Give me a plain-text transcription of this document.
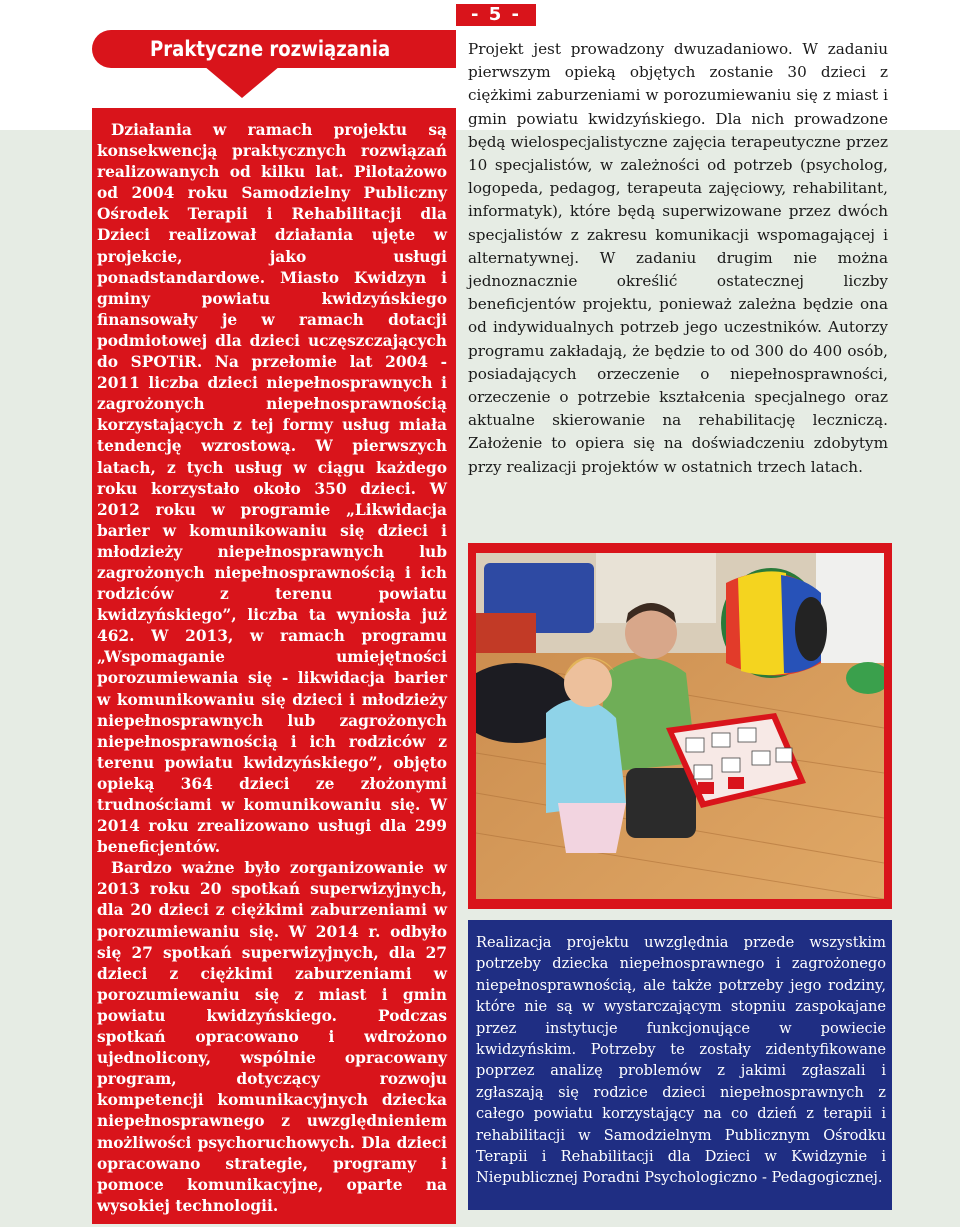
- 5 -
Praktyczne rozwiązania

Działania w ramach projektu są konsekwencją praktycznych rozwiązań realizowanych od kilku lat. Pilotażowo od 2004 roku Samodzielny Publiczny Ośrodek Terapii i Rehabilitacji dla Dzieci realizował działania ujęte w projekcie, jako usługi ponadstandardowe. Miasto Kwidzyn i gminy powiatu kwidzyńskiego finansowały je w ramach dotacji podmiotowej dla dzieci uczęszczających do SPOTiR. Na przełomie lat 2004 - 2011 liczba dzieci niepełnosprawnych i zagrożonych niepełnosprawnością korzystających z tej formy usług miała tendencję wzrostową. W pierwszych latach, z tych usług w ciągu każdego roku korzystało około 350 dzieci. W 2012 roku w programie „Likwidacja barier w komunikowaniu się dzieci i młodzieży niepełnosprawnych lub zagrożonych niepełnosprawnością i ich rodziców z terenu powiatu kwidzyńskiego”, liczba ta wyniosła już 462. W 2013, w ramach programu „Wspomaganie umiejętności porozumiewania się - likwidacja barier w komunikowaniu się dzieci i młodzieży niepełnosprawnych lub zagrożonych niepełnosprawnością i ich rodziców z terenu powiatu kwidzyńskiego”, objęto opieką 364 dzieci ze złożonymi trudnościami w komunikowaniu się. W 2014 roku zrealizowano usługi dla 299 beneficjentów.

Bardzo ważne było zorganizowanie w 2013 roku 20 spotkań superwizyjnych, dla 20 dzieci z ciężkimi zaburzeniami w porozumiewaniu się. W 2014 r. odbyło się 27 spotkań superwizyjnych, dla 27 dzieci z ciężkimi zaburzeniami w porozumiewaniu się z miast i gmin powiatu kwidzyńskiego. Podczas spotkań opracowano i wdrożono ujednolicony, wspólnie opracowany program, dotyczący rozwoju kompetencji komunikacyjnych dziecka niepełnosprawnego z uwzględnieniem możliwości psychoruchowych. Dla dzieci opracowano strategie, programy i pomoce komunikacyjne, oparte na wysokiej technologii.

Projekt jest prowadzony dwuzadaniowo. W zadaniu pierwszym opieką objętych zostanie 30 dzieci z ciężkimi zaburzeniami w porozumiewaniu się z miast i gmin powiatu kwidzyńskiego. Dla nich prowadzone będą wielospecjalistyczne zajęcia terapeutyczne przez 10 specjalistów, w zależności od potrzeb (psycholog, logopeda, pedagog, terapeuta zajęciowy, rehabilitant, informatyk), które będą superwizowane przez dwóch specjalistów z zakresu komunikacji wspomagającej i alternatywnej. W zadaniu drugim nie można jednoznacznie określić ostatecznej liczby beneficjentów projektu, ponieważ zależna będzie ona od indywidualnych potrzeb jego uczestników. Autorzy programu zakładają, że będzie to od 300 do 400 osób, posiadających orzeczenie o niepełnosprawności, orzeczenie o potrzebie kształcenia specjalnego oraz aktualne skierowanie na rehabilitację leczniczą. Założenie to opiera się na doświadczeniu zdobytym przy realizacji projektów w ostatnich trzech latach.

Realizacja projektu uwzględnia przede wszystkim potrzeby dziecka niepełnosprawnego i zagrożonego niepełnosprawnością, ale także potrzeby jego rodziny, które nie są w wystarczającym stopniu zaspokajane przez instytucje funkcjonujące w powiecie kwidzyńskim. Potrzeby te zostały zidentyfikowane poprzez analizę problemów z jakimi zgłaszali i zgłaszają się rodzice dzieci niepełnosprawnych z całego powiatu korzystający na co dzień z terapii i rehabilitacji w Samodzielnym Publicznym Ośrodku Terapii i Rehabilitacji dla Dzieci w Kwidzynie i Niepublicznej Poradni Psychologiczno - Pedagogicznej.
